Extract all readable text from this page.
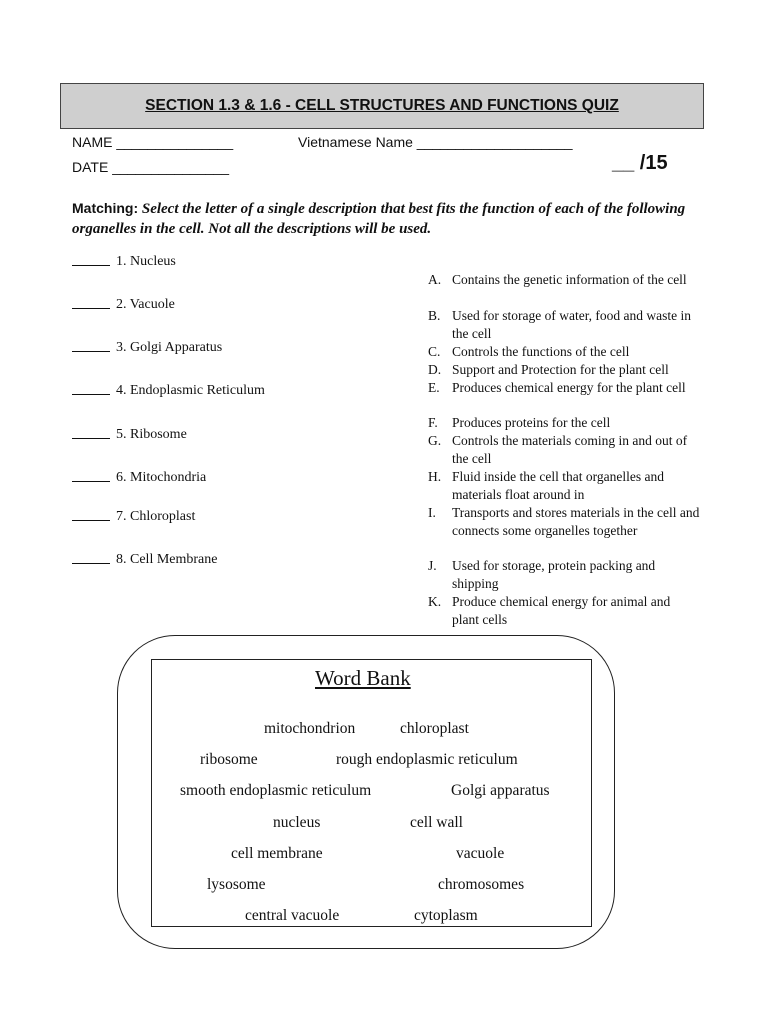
SECTION 1.3 & 1.6 - CELL STRUCTURES AND FUNCTIONS QUIZ
NAME _______________	Vietnamese Name ____________________
DATE _______________	__ /15
Matching: Select the letter of a single description that best fits the function of each of the following organelles in the cell. Not all the descriptions will be used.
1. Nucleus
2. Vacuole
3. Golgi Apparatus
4. Endoplasmic Reticulum
5. Ribosome
6. Mitochondria
7. Chloroplast
8. Cell Membrane
A. Contains the genetic information of the cell
B. Used for storage of water, food and waste in the cell
C. Controls the functions of the cell
D. Support and Protection for the plant cell
E. Produces chemical energy for the plant cell
F. Produces proteins for the cell
G. Controls the materials coming in and out of the cell
H. Fluid inside the cell that organelles and materials float around in
I. Transports and stores materials in the cell and connects some organelles together
J. Used for storage, protein packing and shipping
K. Produce chemical energy for animal and plant cells
Word Bank
mitochondrion	chloroplast
ribosome	rough endoplasmic reticulum
smooth endoplasmic reticulum	Golgi apparatus
nucleus	cell wall
cell membrane	vacuole
lysosome	chromosomes
central vacuole	cytoplasm
